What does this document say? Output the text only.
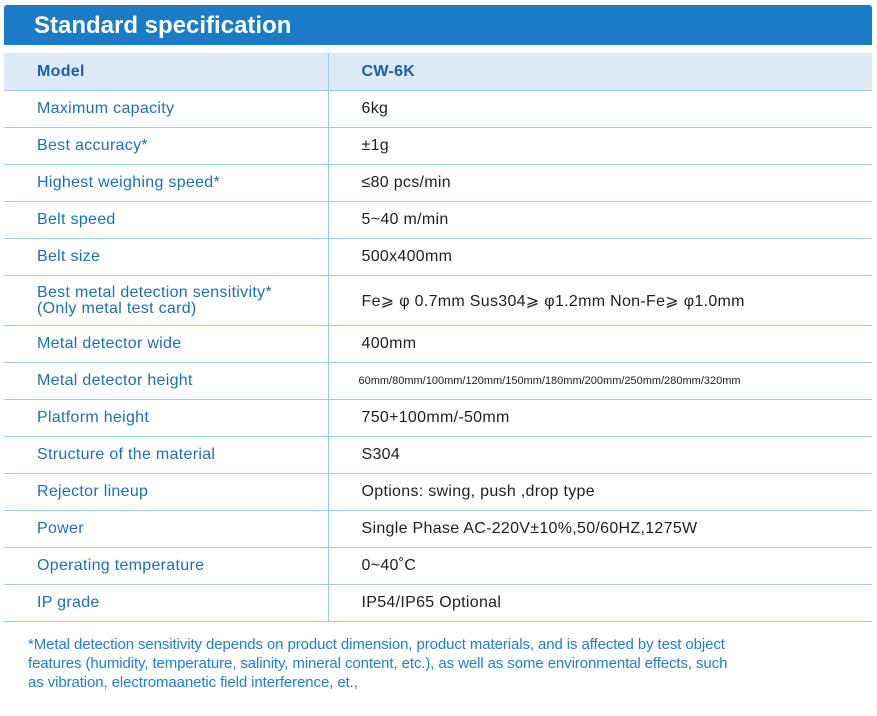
Standard specification
Model	CW-6K
Maximum capacity	6kg
Best accuracy*	±1g
Highest weighing speed*	≤80 pcs/min
Belt speed	5~40 m/min
Belt size	500x400mm
Best metal detection sensitivity*
(Only metal test card)	Fe⩾ φ 0.7mm Sus304⩾ φ1.2mm Non-Fe⩾ φ1.0mm
Metal detector wide	400mm
Metal detector height	60mm/80mm/100mm/120mm/150mm/180mm/200mm/250mm/280mm/320mm
Platform height	750+100mm/-50mm
Structure of the material	S304
Rejector lineup	Options: swing, push ,drop type
Power	Single Phase AC-220V±10%,50/60HZ,1275W
Operating temperature	0~40˚C
IP grade	IP54/IP65 Optional
*Metal detection sensitivity depends on product dimension, product materials, and is affected by test object
features (humidity, temperature, salinity, mineral content, etc.), as well as some environmental effects, such
as vibration, electromaanetic field interference, et.,
